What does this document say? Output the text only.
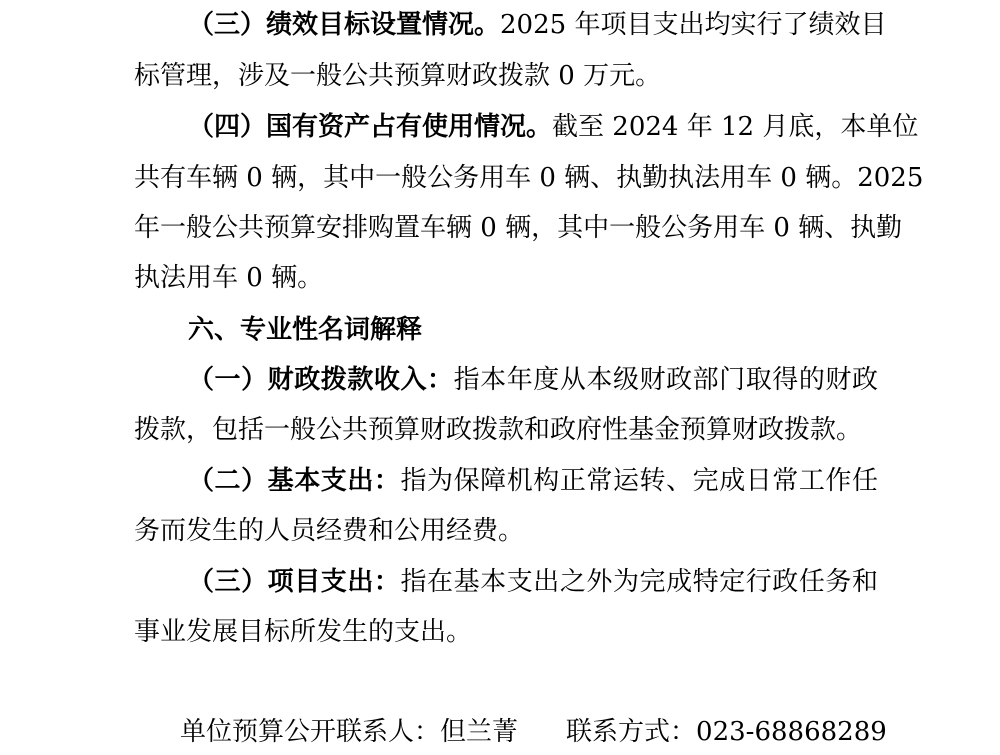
（三）绩效目标设置情况。2025 年项目支出均实行了绩效目
标管理，涉及一般公共预算财政拨款 0 万元。
（四）国有资产占有使用情况。截至 2024 年 12 月底，本单位
共有车辆 0 辆，其中一般公务用车 0 辆、执勤执法用车 0 辆。2025
年一般公共预算安排购置车辆 0 辆，其中一般公务用车 0 辆、执勤
执法用车 0 辆。
六、专业性名词解释
（一）财政拨款收入：指本年度从本级财政部门取得的财政
拨款，包括一般公共预算财政拨款和政府性基金预算财政拨款。
（二）基本支出：指为保障机构正常运转、完成日常工作任
务而发生的人员经费和公用经费。
（三）项目支出：指在基本支出之外为完成特定行政任务和
事业发展目标所发生的支出。
单位预算公开联系人：但兰菁 联系方式：023-68868289
